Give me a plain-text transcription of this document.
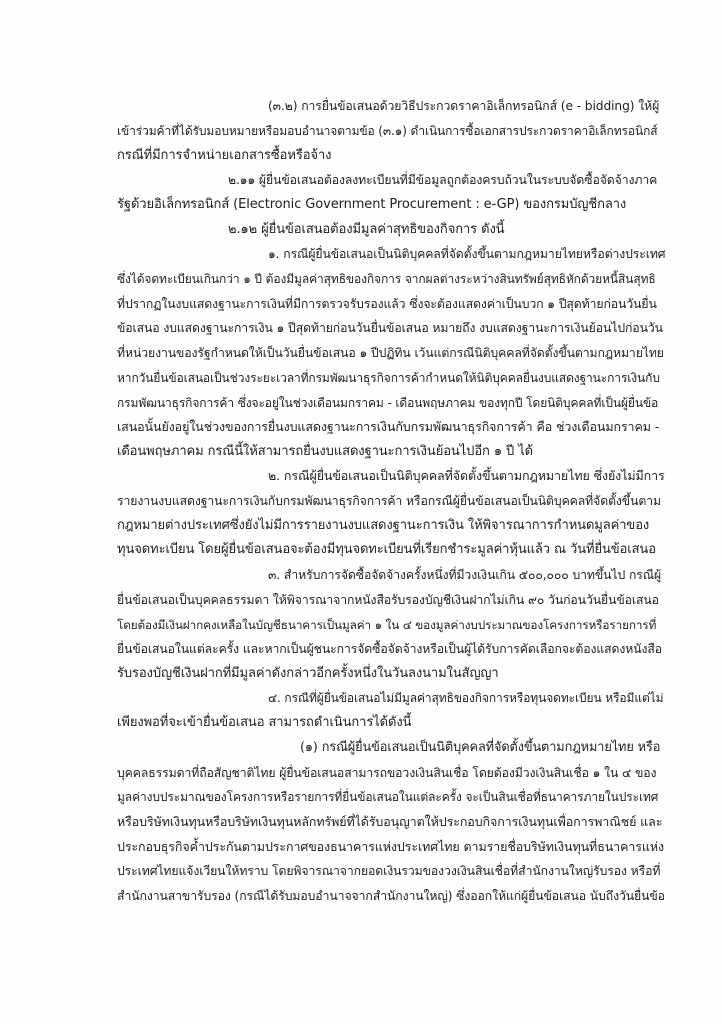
(๓.๒) การยื่นข้อเสนอด้วยวิธีประกวดราคาอิเล็กทรอนิกส์ (e - bidding) ให้ผู้
เข้าร่วมค้าที่ได้รับมอบหมายหรือมอบอำนาจตามข้อ (๓.๑) ดำเนินการซื้อเอกสารประกวดราคาอิเล็กทรอนิกส์
กรณีที่มีการจำหน่ายเอกสารซื้อหรือจ้าง
๒.๑๑ ผู้ยื่นข้อเสนอต้องลงทะเบียนที่มีข้อมูลถูกต้องครบถ้วนในระบบจัดซื้อจัดจ้างภาค
รัฐด้วยอิเล็กทรอนิกส์ (Electronic Government Procurement : e-GP) ของกรมบัญชีกลาง
๒.๑๒ ผู้ยื่นข้อเสนอต้องมีมูลค่าสุทธิของกิจการ ดังนี้
๑. กรณีผู้ยื่นข้อเสนอเป็นนิติบุคคลที่จัดตั้งขึ้นตามกฎหมายไทยหรือต่างประเทศ
ซึ่งได้จดทะเบียนเกินกว่า ๑ ปี ต้องมีมูลค่าสุทธิของกิจการ จากผลต่างระหว่างสินทรัพย์สุทธิหักด้วยหนี้สินสุทธิ
ที่ปรากฏในงบแสดงฐานะการเงินที่มีการตรวจรับรองแล้ว ซึ่งจะต้องแสดงค่าเป็นบวก ๑ ปีสุดท้ายก่อนวันยื่น
ข้อเสนอ งบแสดงฐานะการเงิน ๑ ปีสุดท้ายก่อนวันยื่นข้อเสนอ หมายถึง งบแสดงฐานะการเงินย้อนไปก่อนวัน
ที่หน่วยงานของรัฐกำหนดให้เป็นวันยื่นข้อเสนอ ๑ ปีปฏิทิน เว้นแต่กรณีนิติบุคคลที่จัดตั้งขึ้นตามกฎหมายไทย
หากวันยื่นข้อเสนอเป็นช่วงระยะเวลาที่กรมพัฒนาธุรกิจการค้ากำหนดให้นิติบุคคลยื่นงบแสดงฐานะการเงินกับ
กรมพัฒนาธุรกิจการค้า ซึ่งจะอยู่ในช่วงเดือนมกราคม - เดือนพฤษภาคม ของทุกปี โดยนิติบุคคลที่เป็นผู้ยื่นข้อ
เสนอนั้นยังอยู่ในช่วงของการยื่นงบแสดงฐานะการเงินกับกรมพัฒนาธุรกิจการค้า คือ ช่วงเดือนมกราคม -
เดือนพฤษภาคม กรณีนี้ให้สามารถยื่นงบแสดงฐานะการเงินย้อนไปอีก ๑ ปี ได้
๒. กรณีผู้ยื่นข้อเสนอเป็นนิติบุคคลที่จัดตั้งขึ้นตามกฎหมายไทย ซึ่งยังไม่มีการ
รายงานงบแสดงฐานะการเงินกับกรมพัฒนาธุรกิจการค้า หรือกรณีผู้ยื่นข้อเสนอเป็นนิติบุคคลที่จัดตั้งขึ้นตาม
กฎหมายต่างประเทศซึ่งยังไม่มีการรายงานงบแสดงฐานะการเงิน ให้พิจารณาการกำหนดมูลค่าของ
ทุนจดทะเบียน โดยผู้ยื่นข้อเสนอจะต้องมีทุนจดทะเบียนที่เรียกชำระมูลค่าหุ้นแล้ว ณ วันที่ยื่นข้อเสนอ
๓. สำหรับการจัดซื้อจัดจ้างครั้งหนึ่งที่มีวงเงินเกิน ๕๐๐,๐๐๐ บาทขึ้นไป กรณีผู้
ยื่นข้อเสนอเป็นบุคคลธรรมดา ให้พิจารณาจากหนังสือรับรองบัญชีเงินฝากไม่เกิน ๙๐ วันก่อนวันยื่นข้อเสนอ
โดยต้องมีเงินฝากคงเหลือในบัญชีธนาคารเป็นมูลค่า ๑ ใน ๔ ของมูลค่างบประมาณของโครงการหรือรายการที่
ยื่นข้อเสนอในแต่ละครั้ง และหากเป็นผู้ชนะการจัดซื้อจัดจ้างหรือเป็นผู้ได้รับการคัดเลือกจะต้องแสดงหนังสือ
รับรองบัญชีเงินฝากที่มีมูลค่าดังกล่าวอีกครั้งหนึ่งในวันลงนามในสัญญา
๔. กรณีที่ผู้ยื่นข้อเสนอไม่มีมูลค่าสุทธิของกิจการหรือทุนจดทะเบียน หรือมีแต่ไม่
เพียงพอที่จะเข้ายื่นข้อเสนอ สามารถดำเนินการได้ดังนี้
(๑) กรณีผู้ยื่นข้อเสนอเป็นนิติบุคคลที่จัดตั้งขึ้นตามกฎหมายไทย หรือ
บุคคลธรรมดาที่ถือสัญชาติไทย ผู้ยื่นข้อเสนอสามารถขอวงเงินสินเชื่อ โดยต้องมีวงเงินสินเชื่อ ๑ ใน ๔ ของ
มูลค่างบประมาณของโครงการหรือรายการที่ยื่นข้อเสนอในแต่ละครั้ง จะเป็นสินเชื่อที่ธนาคารภายในประเทศ
หรือบริษัทเงินทุนหรือบริษัทเงินทุนหลักทรัพย์ที่ได้รับอนุญาตให้ประกอบกิจการเงินทุนเพื่อการพาณิชย์ และ
ประกอบธุรกิจค้ำประกันตามประกาศของธนาคารแห่งประเทศไทย ตามรายชื่อบริษัทเงินทุนที่ธนาคารแห่ง
ประเทศไทยแจ้งเวียนให้ทราบ โดยพิจารณาจากยอดเงินรวมของวงเงินสินเชื่อที่สำนักงานใหญ่รับรอง หรือที่
สำนักงานสาขารับรอง (กรณีได้รับมอบอำนาจจากสำนักงานใหญ่) ซึ่งออกให้แก่ผู้ยื่นข้อเสนอ นับถึงวันยื่นข้อ
